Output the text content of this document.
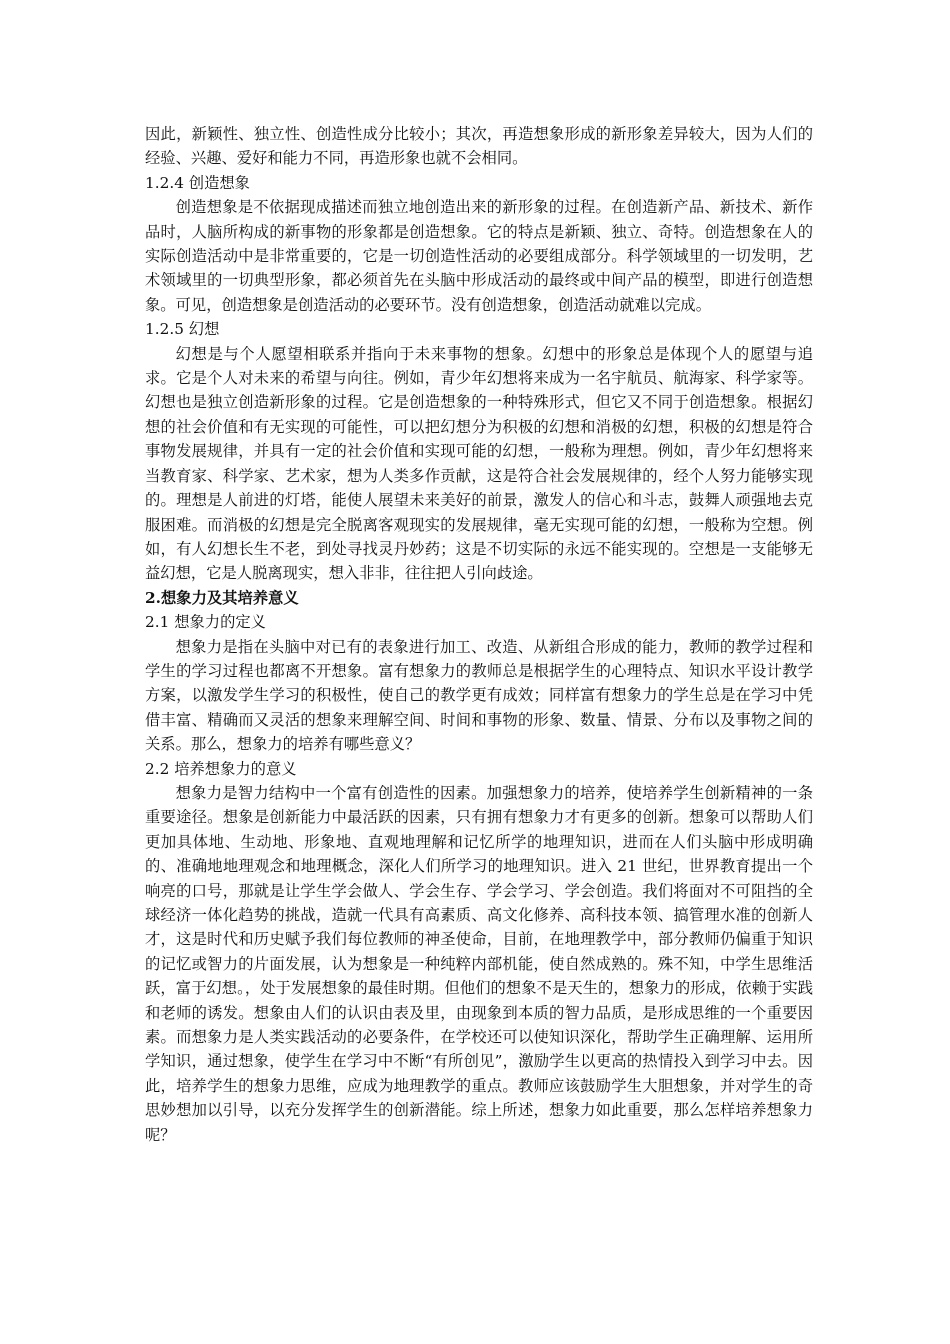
因此，新颖性、独立性、创造性成分比较小；其次，再造想象形成的新形象差异较大，因为人们的经验、兴趣、爱好和能力不同，再造形象也就不会相同。

1.2.4 创造想象

创造想象是不依据现成描述而独立地创造出来的新形象的过程。在创造新产品、新技术、新作品时，人脑所构成的新事物的形象都是创造想象。它的特点是新颖、独立、奇特。创造想象在人的实际创造活动中是非常重要的，它是一切创造性活动的必要组成部分。科学领域里的一切发明，艺术领域里的一切典型形象，都必须首先在头脑中形成活动的最终或中间产品的模型，即进行创造想象。可见，创造想象是创造活动的必要环节。没有创造想象，创造活动就难以完成。

1.2.5 幻想

幻想是与个人愿望相联系并指向于未来事物的想象。幻想中的形象总是体现个人的愿望与追求。它是个人对未来的希望与向往。例如，青少年幻想将来成为一名宇航员、航海家、科学家等。幻想也是独立创造新形象的过程。它是创造想象的一种特殊形式，但它又不同于创造想象。根据幻想的社会价值和有无实现的可能性，可以把幻想分为积极的幻想和消极的幻想，积极的幻想是符合事物发展规律，并具有一定的社会价值和实现可能的幻想，一般称为理想。例如，青少年幻想将来当教育家、科学家、艺术家，想为人类多作贡献，这是符合社会发展规律的，经个人努力能够实现的。理想是人前进的灯塔，能使人展望未来美好的前景，激发人的信心和斗志，鼓舞人顽强地去克服困难。而消极的幻想是完全脱离客观现实的发展规律，毫无实现可能的幻想，一般称为空想。例如，有人幻想长生不老，到处寻找灵丹妙药；这是不切实际的永远不能实现的。空想是一支能够无益幻想，它是人脱离现实，想入非非，往往把人引向歧途。

2.想象力及其培养意义

2.1 想象力的定义

想象力是指在头脑中对已有的表象进行加工、改造、从新组合形成的能力，教师的教学过程和学生的学习过程也都离不开想象。富有想象力的教师总是根据学生的心理特点、知识水平设计教学方案，以激发学生学习的积极性，使自己的教学更有成效；同样富有想象力的学生总是在学习中凭借丰富、精确而又灵活的想象来理解空间、时间和事物的形象、数量、情景、分布以及事物之间的关系。那么，想象力的培养有哪些意义？

2.2 培养想象力的意义

想象力是智力结构中一个富有创造性的因素。加强想象力的培养，使培养学生创新精神的一条重要途径。想象是创新能力中最活跃的因素，只有拥有想象力才有更多的创新。想象可以帮助人们更加具体地、生动地、形象地、直观地理解和记忆所学的地理知识，进而在人们头脑中形成明确的、准确地地理观念和地理概念，深化人们所学习的地理知识。进入 21 世纪，世界教育提出一个响亮的口号，那就是让学生学会做人、学会生存、学会学习、学会创造。我们将面对不可阻挡的全球经济一体化趋势的挑战，造就一代具有高素质、高文化修养、高科技本领、搞管理水准的创新人才，这是时代和历史赋予我们每位教师的神圣使命，目前，在地理教学中，部分教师仍偏重于知识的记忆或智力的片面发展，认为想象是一种纯粹内部机能，使自然成熟的。殊不知，中学生思维活跃，富于幻想。，处于发展想象的最佳时期。但他们的想象不是天生的，想象力的形成，依赖于实践和老师的诱发。想象由人们的认识由表及里，由现象到本质的智力品质，是形成思维的一个重要因素。而想象力是人类实践活动的必要条件，在学校还可以使知识深化，帮助学生正确理解、运用所学知识，通过想象，使学生在学习中不断“有所创见”，激励学生以更高的热情投入到学习中去。因此，培养学生的想象力思维，应成为地理教学的重点。教师应该鼓励学生大胆想象，并对学生的奇思妙想加以引导，以充分发挥学生的创新潜能。综上所述，想象力如此重要，那么怎样培养想象力呢？
